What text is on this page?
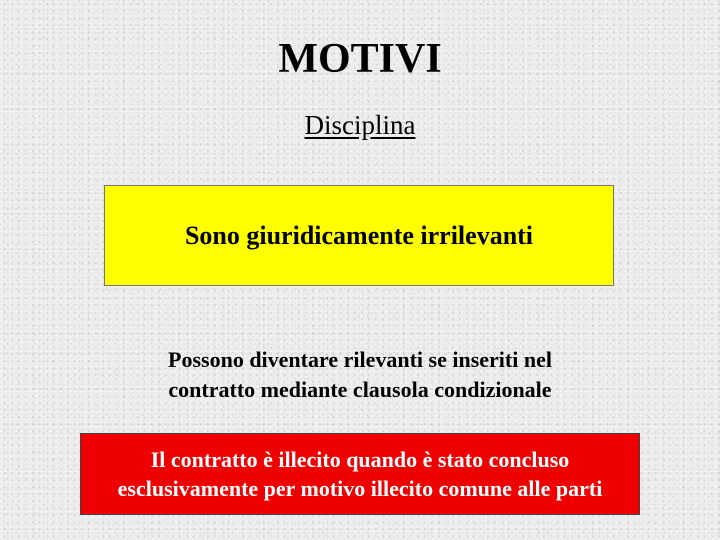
MOTIVI
Disciplina
Sono giuridicamente irrilevanti
Possono diventare rilevanti se inseriti nel
contratto mediante clausola condizionale
Il contratto è illecito quando è stato concluso
esclusivamente per motivo illecito comune alle parti
